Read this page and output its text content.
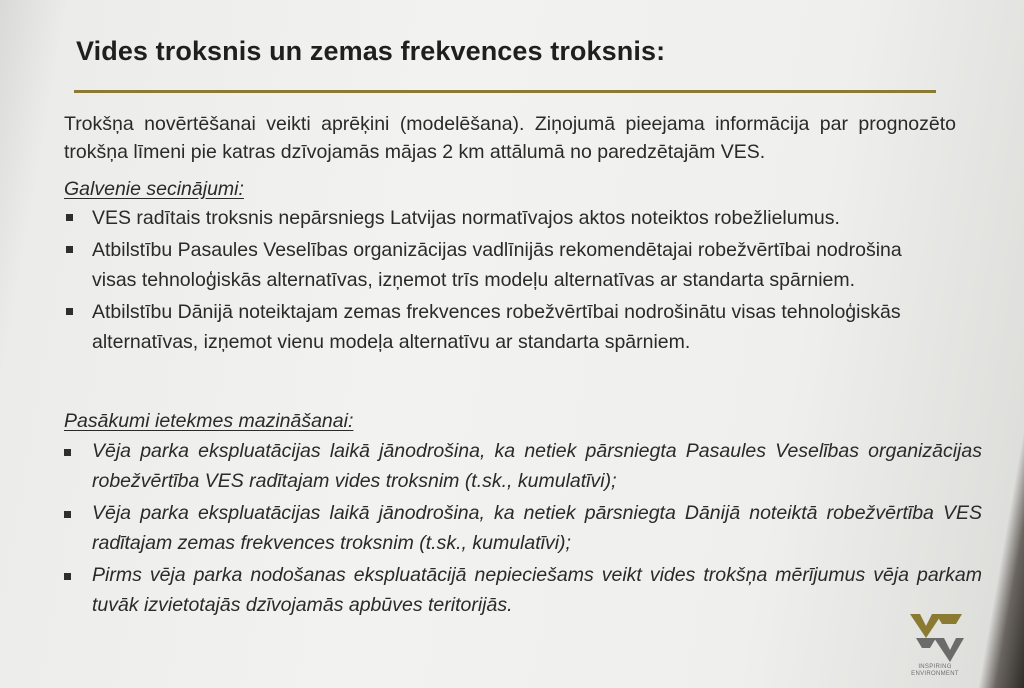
Vides troksnis un zemas frekvences troksnis:
Trokšņa novērtēšanai veikti aprēķini (modelēšana). Ziņojumā pieejama informācija par prognozēto trokšņa līmeni pie katras dzīvojamās mājas 2 km attālumā no paredzētajām VES.
Galvenie secinājumi:
VES radītais troksnis nepārsniegs Latvijas normatīvajos aktos noteiktos robežlielumus.
Atbilstību Pasaules Veselības organizācijas vadlīnijās rekomendētajai robežvērtībai nodrošina visas tehnoloģiskās alternatīvas, izņemot trīs modeļu alternatīvas ar standarta spārniem.
Atbilstību Dānijā noteiktajam zemas frekvences robežvērtībai nodrošinātu visas tehnoloģiskās alternatīvas, izņemot vienu modeļa alternatīvu ar standarta spārniem.
Pasākumi ietekmes mazināšanai:
Vēja parka ekspluatācijas laikā jānodrošina, ka netiek pārsniegta Pasaules Veselības organizācijas robežvērtība VES radītajam vides troksnim (t.sk., kumulatīvi);
Vēja parka ekspluatācijas laikā jānodrošina, ka netiek pārsniegta Dānijā noteiktā robežvērtība VES radītajam zemas frekvences troksnim (t.sk., kumulatīvi);
Pirms vēja parka nodošanas ekspluatācijā nepieciešams veikt vides trokšņa mērījumus vēja parkam tuvāk izvietotajās dzīvojamās apbūves teritorijās.
INSPIRING
ENVIRONMENT
